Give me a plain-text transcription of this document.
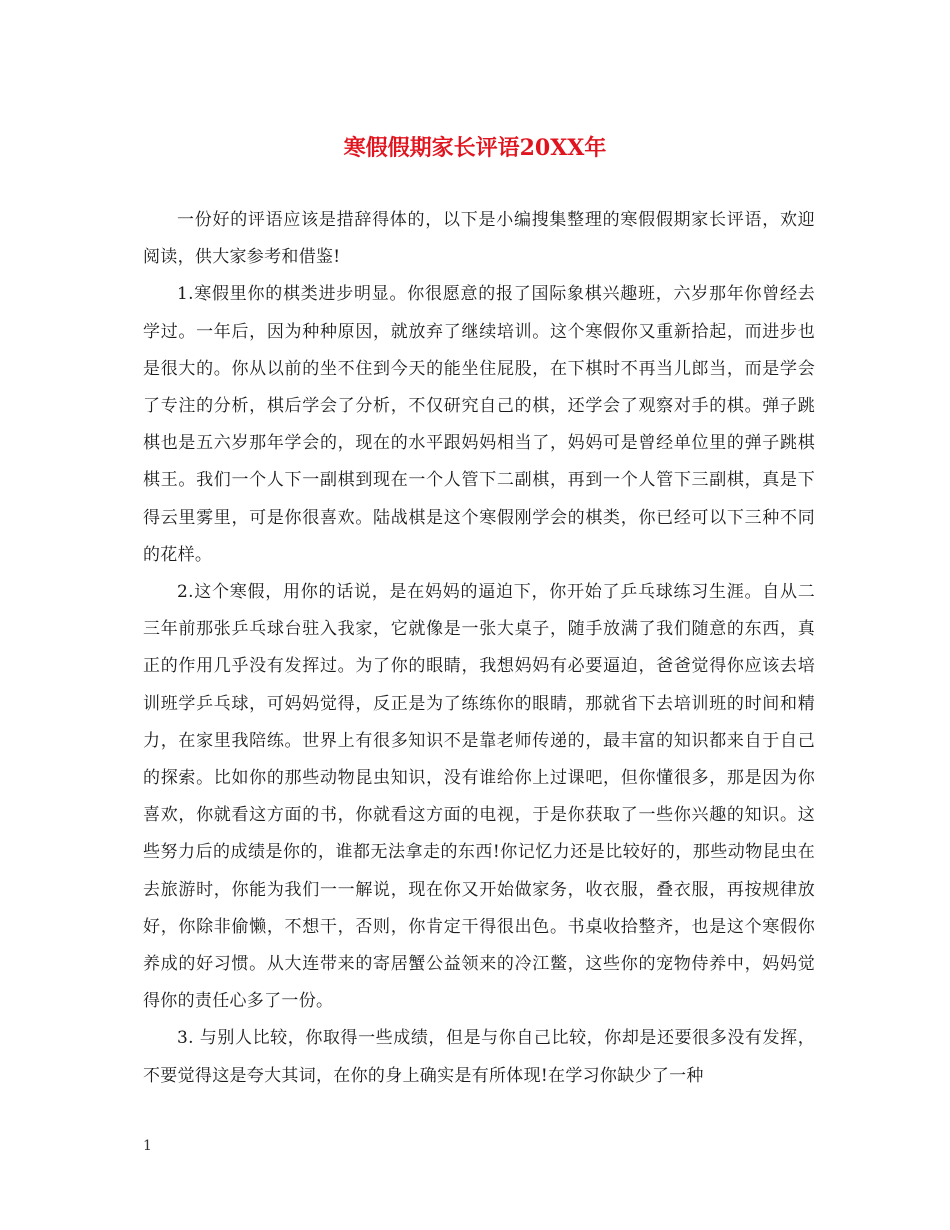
寒假假期家长评语20XX年

一份好的评语应该是措辞得体的，以下是小编搜集整理的寒假假期家长评语，欢迎阅读，供大家参考和借鉴!

1.寒假里你的棋类进步明显。你很愿意的报了国际象棋兴趣班，六岁那年你曾经去学过。一年后，因为种种原因，就放弃了继续培训。这个寒假你又重新拾起，而进步也是很大的。你从以前的坐不住到今天的能坐住屁股，在下棋时不再当儿郎当，而是学会了专注的分析，棋后学会了分析，不仅研究自己的棋，还学会了观察对手的棋。弹子跳棋也是五六岁那年学会的，现在的水平跟妈妈相当了，妈妈可是曾经单位里的弹子跳棋棋王。我们一个人下一副棋到现在一个人管下二副棋，再到一个人管下三副棋，真是下得云里雾里，可是你很喜欢。陆战棋是这个寒假刚学会的棋类，你已经可以下三种不同的花样。

2.这个寒假，用你的话说，是在妈妈的逼迫下，你开始了乒乓球练习生涯。自从二三年前那张乒乓球台驻入我家，它就像是一张大桌子，随手放满了我们随意的东西，真正的作用几乎没有发挥过。为了你的眼睛，我想妈妈有必要逼迫，爸爸觉得你应该去培训班学乒乓球，可妈妈觉得，反正是为了练练你的眼睛，那就省下去培训班的时间和精力，在家里我陪练。世界上有很多知识不是靠老师传递的，最丰富的知识都来自于自己的探索。比如你的那些动物昆虫知识，没有谁给你上过课吧，但你懂很多，那是因为你喜欢，你就看这方面的书，你就看这方面的电视，于是你获取了一些你兴趣的知识。这些努力后的成绩是你的，谁都无法拿走的东西!你记忆力还是比较好的，那些动物昆虫在去旅游时，你能为我们一一解说，现在你又开始做家务，收衣服，叠衣服，再按规律放好，你除非偷懒，不想干，否则，你肯定干得很出色。书桌收拾整齐，也是这个寒假你养成的好习惯。从大连带来的寄居蟹公益领来的冷江鳖，这些你的宠物侍养中，妈妈觉得你的责任心多了一份。

3. 与别人比较，你取得一些成绩，但是与你自己比较，你却是还要很多没有发挥，不要觉得这是夸大其词，在你的身上确实是有所体现!在学习你缺少了一种

1
